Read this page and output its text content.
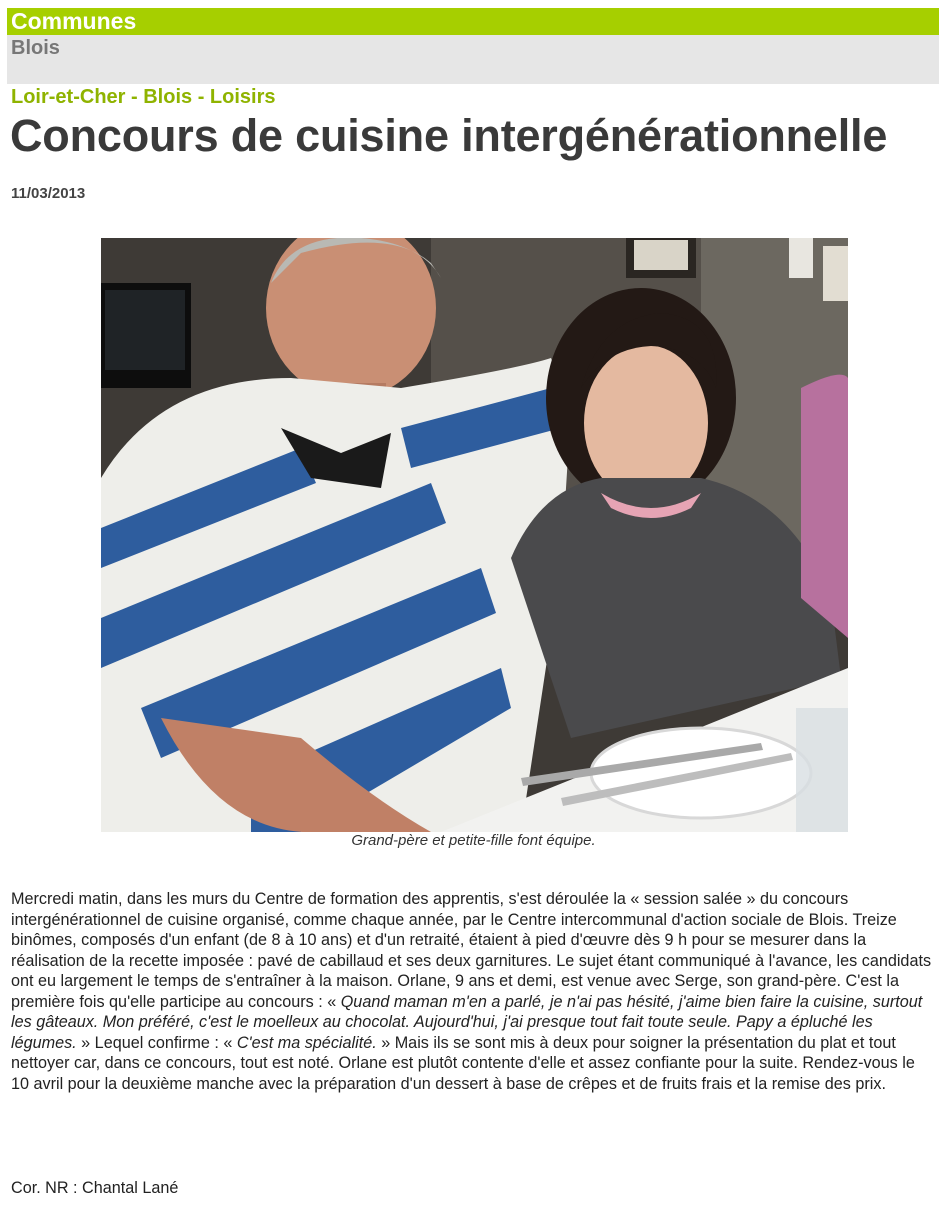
Communes
Blois
Loir-et-Cher - Blois - Loisirs
Concours de cuisine intergénérationnelle
11/03/2013
Grand-père et petite-fille font équipe.

Mercredi matin, dans les murs du Centre de formation des apprentis, s'est déroulée la « session salée » du concours intergénérationnel de cuisine organisé, comme chaque année, par le Centre intercommunal d'action sociale de Blois. Treize binômes, composés d'un enfant (de 8 à 10 ans) et d'un retraité, étaient à pied d'œuvre dès 9 h pour se mesurer dans la réalisation de la recette imposée : pavé de cabillaud et ses deux garnitures. Le sujet étant communiqué à l'avance, les candidats ont eu largement le temps de s'entraîner à la maison. Orlane, 9 ans et demi, est venue avec Serge, son grand-père. C'est la première fois qu'elle participe au concours : « Quand maman m'en a parlé, je n'ai pas hésité, j'aime bien faire la cuisine, surtout les gâteaux. Mon préféré, c'est le moelleux au chocolat. Aujourd'hui, j'ai presque tout fait toute seule. Papy a épluché les légumes. » Lequel confirme : « C'est ma spécialité. » Mais ils se sont mis à deux pour soigner la présentation du plat et tout nettoyer car, dans ce concours, tout est noté. Orlane est plutôt contente d'elle et assez confiante pour la suite. Rendez-vous le 10 avril pour la deuxième manche avec la préparation d'un dessert à base de crêpes et de fruits frais et la remise des prix.

Cor. NR : Chantal Lané
